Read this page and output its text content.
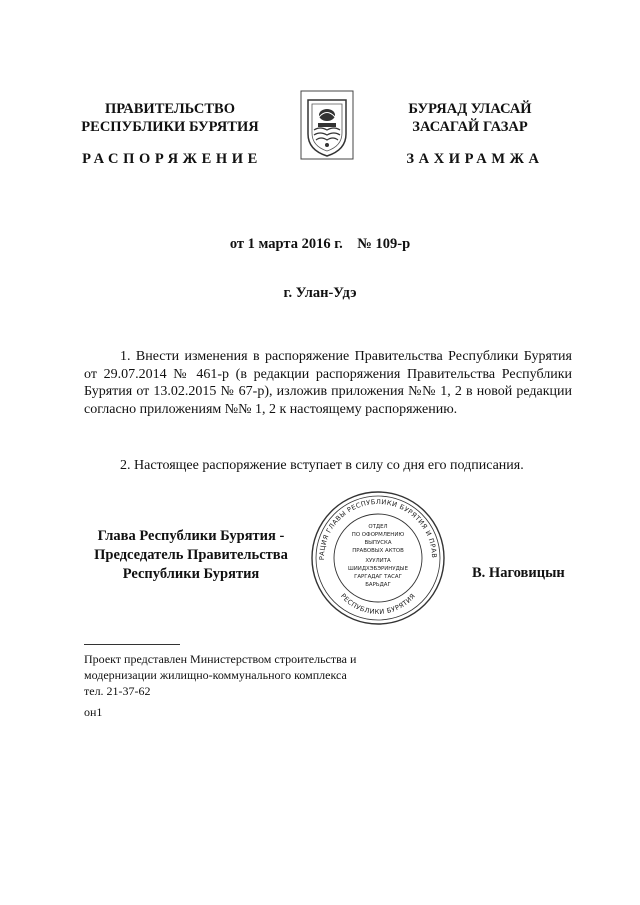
ПРАВИТЕЛЬСТВО
РЕСПУБЛИКИ БУРЯТИЯ
РАСПОРЯЖЕНИЕ
БУРЯАД УЛАСАЙ
ЗАСАГАЙ ГАЗАР
ЗАХИРАМЖА
от 1 марта 2016 г.    № 109-р
г. Улан-Удэ
1. Внести изменения в распоряжение Правительства Республики Бурятия от 29.07.2014 № 461-р (в редакции распоряжения Правительства Республики Бурятия от 13.02.2015 № 67-р), изложив приложения №№ 1, 2 в новой редакции согласно приложениям №№ 1, 2 к настоящему распоряжению.
2. Настоящее распоряжение вступает в силу со дня его подписания.
Глава Республики Бурятия -
Председатель Правительства
Республики Бурятия
РАЦИЯ ГЛАВЫ РЕСПУБЛИКИ БУРЯТИЯ И ПРАВ
РЕСПУБЛИКИ БУРЯТИЯ
ОТДЕЛ
ПО ОФОРМЛЕНИЮ
ВЫПУСКА
ПРАВОВЫХ АКТОВ
ХУУЛИТА
ШИИДХЭБЭРИНУДЫЕ
ГАРГАДАГ ТАСАГ
БАРЬДАГ
В. Наговицын
Проект представлен Министерством строительства и
модернизации жилищно-коммунального комплекса
тел. 21-37-62
он1
